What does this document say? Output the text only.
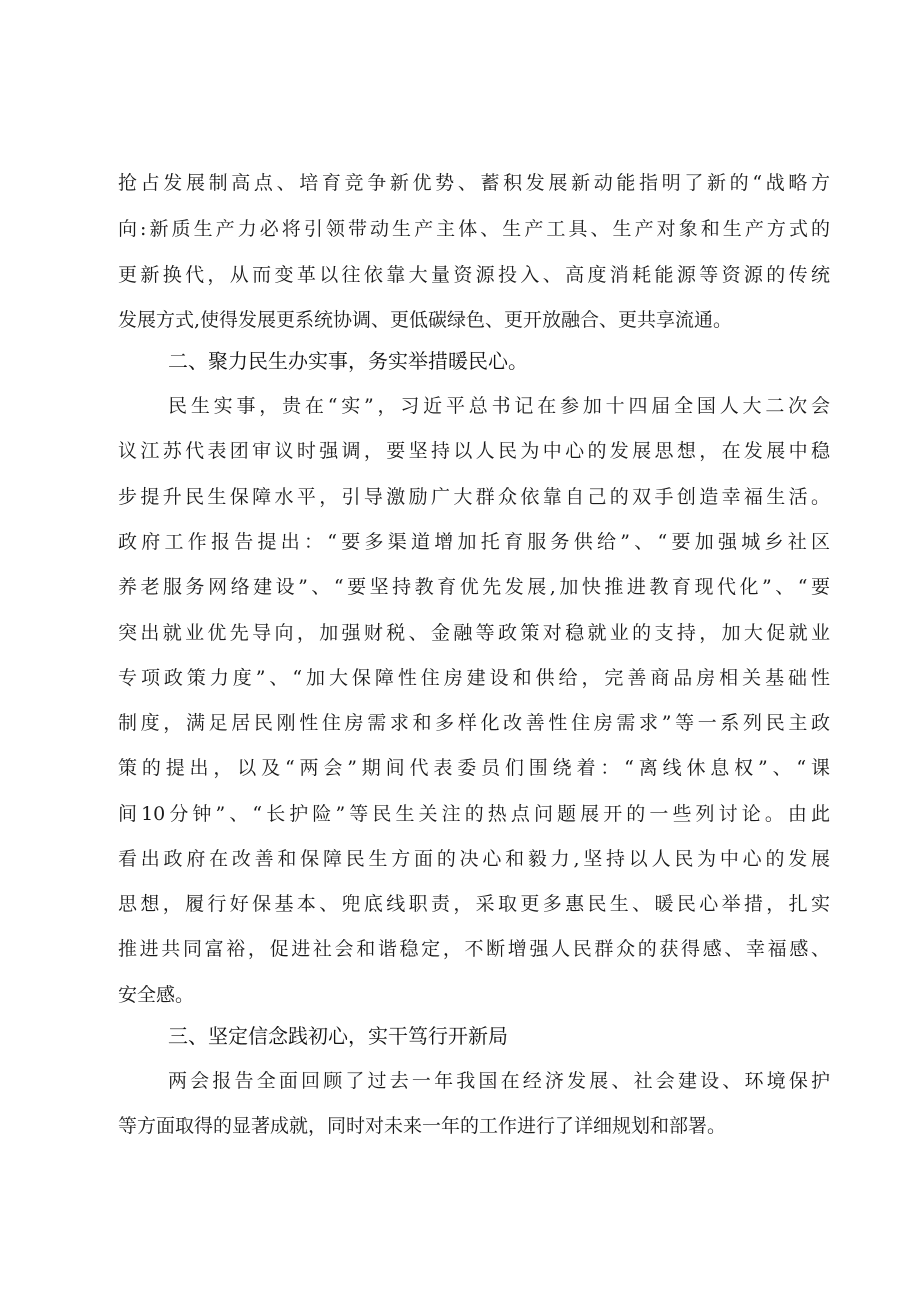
抢占发展制高点、培育竞争新优势、蓄积发展新动能指明了新的“战略方
向:新质生产力必将引领带动生产主体、生产工具、生产对象和生产方式的
更新换代，从而变革以往依靠大量资源投入、高度消耗能源等资源的传统
发展方式,使得发展更系统协调、更低碳绿色、更开放融合、更共享流通。
二、聚力民生办实事，务实举措暖民心。
民生实事，贵在“实”，习近平总书记在参加十四届全国人大二次会
议江苏代表团审议时强调，要坚持以人民为中心的发展思想，在发展中稳
步提升民生保障水平，引导激励广大群众依靠自己的双手创造幸福生活。
政府工作报告提出：“要多渠道增加托育服务供给”、“要加强城乡社区
养老服务网络建设”、“要坚持教育优先发展,加快推进教育现代化”、“要
突出就业优先导向，加强财税、金融等政策对稳就业的支持，加大促就业
专项政策力度”、“加大保障性住房建设和供给，完善商品房相关基础性
制度，满足居民刚性住房需求和多样化改善性住房需求”等一系列民主政
策的提出，以及“两会”期间代表委员们围绕着：“离线休息权”、“课
间10分钟”、“长护险”等民生关注的热点问题展开的一些列讨论。由此
看出政府在改善和保障民生方面的决心和毅力,坚持以人民为中心的发展
思想，履行好保基本、兜底线职责，采取更多惠民生、暖民心举措，扎实
推进共同富裕，促进社会和谐稳定，不断增强人民群众的获得感、幸福感、
安全感。
三、坚定信念践初心，实干笃行开新局
两会报告全面回顾了过去一年我国在经济发展、社会建设、环境保护
等方面取得的显著成就，同时对未来一年的工作进行了详细规划和部署。
